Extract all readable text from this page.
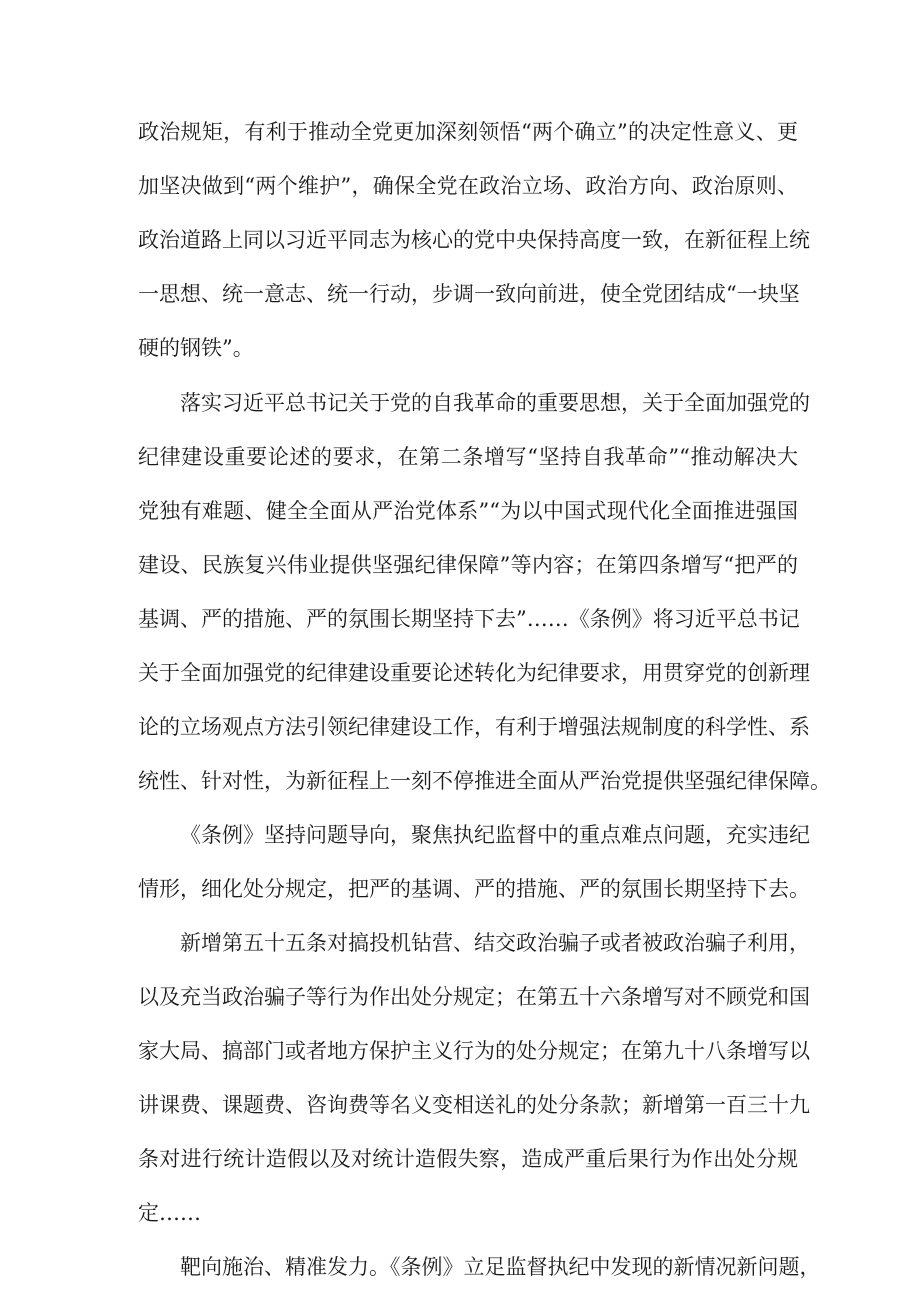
政治规矩，有利于推动全党更加深刻领悟“两个确立”的决定性意义、更
加坚决做到“两个维护”，确保全党在政治立场、政治方向、政治原则、
政治道路上同以习近平同志为核心的党中央保持高度一致，在新征程上统
一思想、统一意志、统一行动，步调一致向前进，使全党团结成“一块坚
硬的钢铁”。
落实习近平总书记关于党的自我革命的重要思想，关于全面加强党的
纪律建设重要论述的要求，在第二条增写“坚持自我革命”“推动解决大
党独有难题、健全全面从严治党体系”“为以中国式现代化全面推进强国
建设、民族复兴伟业提供坚强纪律保障”等内容；在第四条增写“把严的
基调、严的措施、严的氛围长期坚持下去”……《条例》将习近平总书记
关于全面加强党的纪律建设重要论述转化为纪律要求，用贯穿党的创新理
论的立场观点方法引领纪律建设工作，有利于增强法规制度的科学性、系
统性、针对性，为新征程上一刻不停推进全面从严治党提供坚强纪律保障。
《条例》坚持问题导向，聚焦执纪监督中的重点难点问题，充实违纪
情形，细化处分规定，把严的基调、严的措施、严的氛围长期坚持下去。
新增第五十五条对搞投机钻营、结交政治骗子或者被政治骗子利用，
以及充当政治骗子等行为作出处分规定；在第五十六条增写对不顾党和国
家大局、搞部门或者地方保护主义行为的处分规定；在第九十八条增写以
讲课费、课题费、咨询费等名义变相送礼的处分条款；新增第一百三十九
条对进行统计造假以及对统计造假失察，造成严重后果行为作出处分规
定……
靶向施治、精准发力。《条例》立足监督执纪中发现的新情况新问题，
